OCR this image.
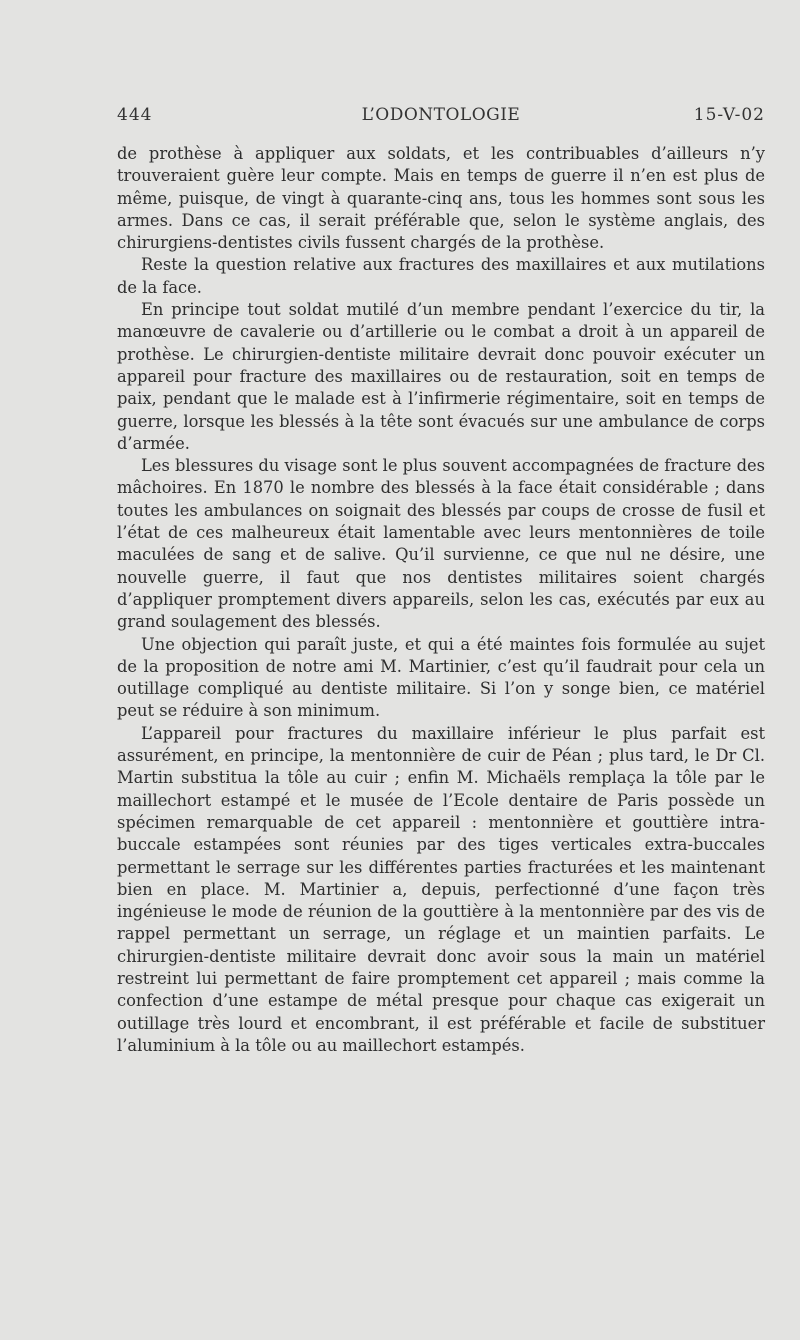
444	L’ODONTOLOGIE	15-V-02

de prothèse à appliquer aux soldats, et les contribuables d’ailleurs n’y trouveraient guère leur compte. Mais en temps de guerre il n’en est plus de même, puisque, de vingt à quarante-cinq ans, tous les hommes sont sous les armes. Dans ce cas, il serait préférable que, selon le système anglais, des chirurgiens-dentistes civils fussent chargés de la prothèse.

Reste la question relative aux fractures des maxillaires et aux mutilations de la face.

En principe tout soldat mutilé d’un membre pendant l’exercice du tir, la manœuvre de cavalerie ou d’artillerie ou le combat a droit à un appareil de prothèse. Le chirurgien-dentiste militaire devrait donc pouvoir exécuter un appareil pour fracture des maxillaires ou de restauration, soit en temps de paix, pendant que le malade est à l’infirmerie régimentaire, soit en temps de guerre, lorsque les blessés à la tête sont évacués sur une ambulance de corps d’armée.

Les blessures du visage sont le plus souvent accompagnées de fracture des mâchoires. En 1870 le nombre des blessés à la face était considérable ; dans toutes les ambulances on soignait des blessés par coups de crosse de fusil et l’état de ces malheureux était lamentable avec leurs mentonnières de toile maculées de sang et de salive. Qu’il survienne, ce que nul ne désire, une nouvelle guerre, il faut que nos dentistes militaires soient chargés d’appliquer promptement divers appareils, selon les cas, exécutés par eux au grand soulagement des blessés.

Une objection qui paraît juste, et qui a été maintes fois formulée au sujet de la proposition de notre ami M. Martinier, c’est qu’il faudrait pour cela un outillage compliqué au dentiste militaire. Si l’on y songe bien, ce matériel peut se réduire à son minimum.

L’appareil pour fractures du maxillaire inférieur le plus parfait est assurément, en principe, la mentonnière de cuir de Péan ; plus tard, le Dr Cl. Martin substitua la tôle au cuir ; enfin M. Michaëls remplaça la tôle par le maillechort estampé et le musée de l’Ecole dentaire de Paris possède un spécimen remarquable de cet appareil : mentonnière et gouttière intra-buccale estampées sont réunies par des tiges verticales extra-buccales permettant le serrage sur les différentes parties fracturées et les maintenant bien en place. M. Martinier a, depuis, perfectionné d’une façon très ingénieuse le mode de réunion de la gouttière à la mentonnière par des vis de rappel permettant un serrage, un réglage et un maintien parfaits. Le chirurgien-dentiste militaire devrait donc avoir sous la main un matériel restreint lui permettant de faire promptement cet appareil ; mais comme la confection d’une estampe de métal presque pour chaque cas exigerait un outillage très lourd et encombrant, il est préférable et facile de substituer l’aluminium à la tôle ou au maillechort estampés.
